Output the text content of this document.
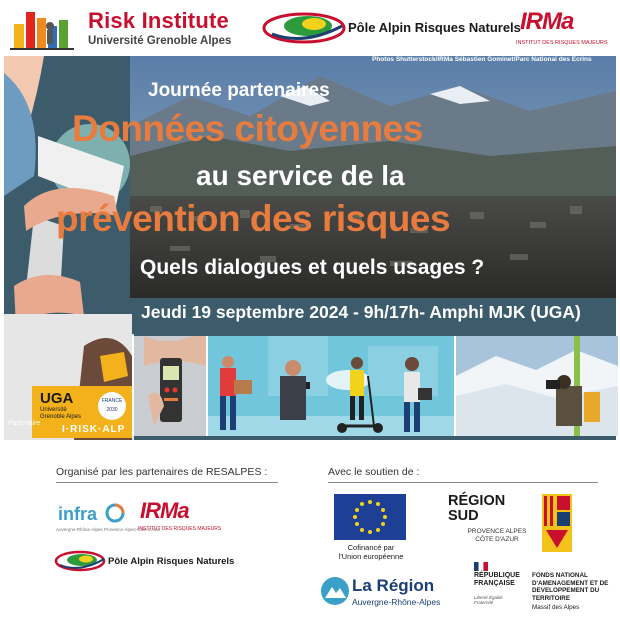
Risk Institute
Université Grenoble Alpes
Pôle Alpin Risques Naturels IRMa
INSTITUT DES RISQUES MAJEURS
UGA
Université Grenoble Alpes
FRANCE 2030
Partenaire
I·RISK·ALP
Photos Shutterstock/IRMa Sébastien Gominet/Parc National des Ecrins
Journée partenaires
Données citoyennes
au service de la
prévention des risques
Quels dialogues et quels usages ?
Jeudi 19 septembre 2024 - 9h/17h- Amphi MJK (UGA)
Organisé par les partenaires de RESALPES :	Avec le soutien de :
infra
Auvergne-Rhône-Alpes Provence-Alpes-Côte d'Azur
IRMa
INSTITUT DES RISQUES MAJEURS
Pôle Alpin Risques Naturels
Cofinancé par l'Union européenne
RÉGION SUD
PROVENCE ALPES CÔTE D'AZUR
La Région
Auvergne-Rhône-Alpes
RÉPUBLIQUE FRANÇAISE
Liberté Égalité Fraternité
FONDS NATIONAL D'AMENAGEMENT ET DE DEVELOPPEMENT DU TERRITOIRE
Massif des Alpes
